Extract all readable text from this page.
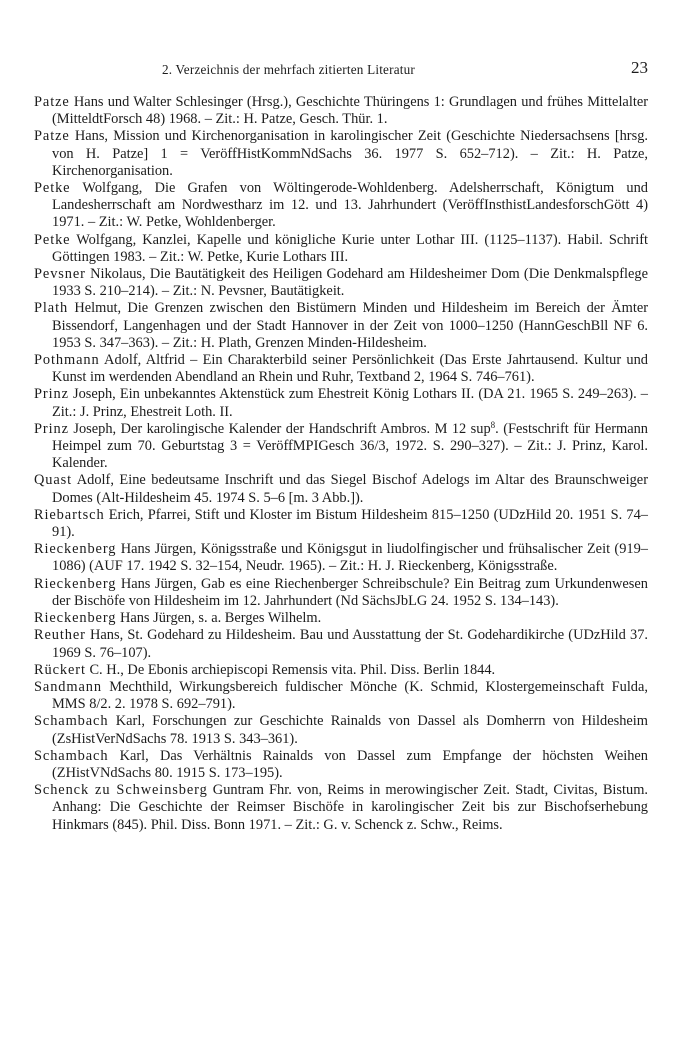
2. Verzeichnis der mehrfach zitierten Literatur	23

Patze Hans und Walter Schlesinger (Hrsg.), Geschichte Thüringens 1: Grundlagen und frühes Mittelalter (MitteldtForsch 48) 1968. – Zit.: H. Patze, Gesch. Thür. 1.

Patze Hans, Mission und Kirchenorganisation in karolingischer Zeit (Geschichte Niedersachsens [hrsg. von H. Patze] 1 = VeröffHistKommNdSachs 36. 1977 S. 652–712). – Zit.: H. Patze, Kirchenorganisation.

Petke Wolfgang, Die Grafen von Wöltingerode-Wohldenberg. Adelsherrschaft, Königtum und Landesherrschaft am Nordwestharz im 12. und 13. Jahrhundert (VeröffInsthistLandesforschGött 4) 1971. – Zit.: W. Petke, Wohldenberger.

Petke Wolfgang, Kanzlei, Kapelle und königliche Kurie unter Lothar III. (1125–1137). Habil. Schrift Göttingen 1983. – Zit.: W. Petke, Kurie Lothars III.

Pevsner Nikolaus, Die Bautätigkeit des Heiligen Godehard am Hildesheimer Dom (Die Denkmalspflege 1933 S. 210–214). – Zit.: N. Pevsner, Bautätigkeit.

Plath Helmut, Die Grenzen zwischen den Bistümern Minden und Hildesheim im Bereich der Ämter Bissendorf, Langenhagen und der Stadt Hannover in der Zeit von 1000–1250 (HannGeschBll NF 6. 1953 S. 347–363). – Zit.: H. Plath, Grenzen Minden-Hildesheim.

Pothmann Adolf, Altfrid – Ein Charakterbild seiner Persönlichkeit (Das Erste Jahrtausend. Kultur und Kunst im werdenden Abendland an Rhein und Ruhr, Textband 2, 1964 S. 746–761).

Prinz Joseph, Ein unbekanntes Aktenstück zum Ehestreit König Lothars II. (DA 21. 1965 S. 249–263). – Zit.: J. Prinz, Ehestreit Loth. II.

Prinz Joseph, Der karolingische Kalender der Handschrift Ambros. M 12 sup$^8$. (Festschrift für Hermann Heimpel zum 70. Geburtstag 3 = VeröffMPIGesch 36/3, 1972. S. 290–327). – Zit.: J. Prinz, Karol. Kalender.

Quast Adolf, Eine bedeutsame Inschrift und das Siegel Bischof Adelogs im Altar des Braunschweiger Domes (Alt-Hildesheim 45. 1974 S. 5–6 [m. 3 Abb.]).

Riebartsch Erich, Pfarrei, Stift und Kloster im Bistum Hildesheim 815–1250 (UDzHild 20. 1951 S. 74–91).

Rieckenberg Hans Jürgen, Königsstraße und Königsgut in liudolfingischer und frühsalischer Zeit (919–1086) (AUF 17. 1942 S. 32–154, Neudr. 1965). – Zit.: H. J. Rieckenberg, Königsstraße.

Rieckenberg Hans Jürgen, Gab es eine Riechenberger Schreibschule? Ein Beitrag zum Urkundenwesen der Bischöfe von Hildesheim im 12. Jahrhundert (Nd SächsJbLG 24. 1952 S. 134–143).

Rieckenberg Hans Jürgen, s. a. Berges Wilhelm.

Reuther Hans, St. Godehard zu Hildesheim. Bau und Ausstattung der St. Godehardikirche (UDzHild 37. 1969 S. 76–107).

Rückert C. H., De Ebonis archiepiscopi Remensis vita. Phil. Diss. Berlin 1844.

Sandmann Mechthild, Wirkungsbereich fuldischer Mönche (K. Schmid, Klostergemeinschaft Fulda, MMS 8/2. 2. 1978 S. 692–791).

Schambach Karl, Forschungen zur Geschichte Rainalds von Dassel als Domherrn von Hildesheim (ZsHistVerNdSachs 78. 1913 S. 343–361).

Schambach Karl, Das Verhältnis Rainalds von Dassel zum Empfange der höchsten Weihen (ZHistVNdSachs 80. 1915 S. 173–195).

Schenck zu Schweinsberg Guntram Fhr. von, Reims in merowingischer Zeit. Stadt, Civitas, Bistum. Anhang: Die Geschichte der Reimser Bischöfe in karolingischer Zeit bis zur Bischofserhebung Hinkmars (845). Phil. Diss. Bonn 1971. – Zit.: G. v. Schenck z. Schw., Reims.
